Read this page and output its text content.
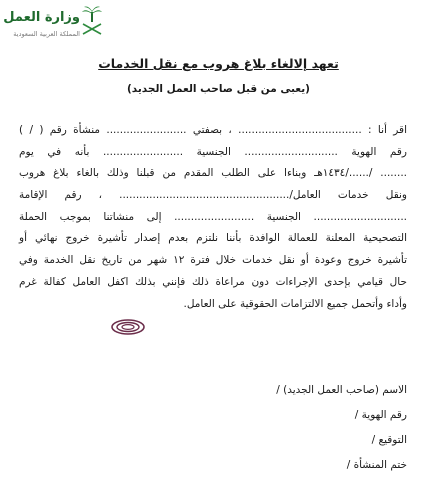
وزارة العمل
المملكة العربية السعودية
تعهد إلالغاء بلاغ هروب مع نقل الخدمات
(يعبى من قبل صاحب العمل الجديد)
اقر أنا : ..................................... ، بصفتي ........................ منشأة رقم ( / )
رقم الهوية ............................ الجنسية ........................ بأنه في يوم
........ /....../١٤٣٤هـ وبناءا على الطلب المقدم من قبلنا وذلك بالغاء بلاغ هروب
ونقل خدمات العامل/................................................... ، رقم الإقامة
............................ الجنسية ........................ إلى منشاتنا بموجب الحملة
التصحيحية المعلنة للعمالة الوافدة بأننا نلتزم بعدم إصدار تأشيرة خروج نهائي أو
تأشيرة خروج وعودة أو نقل خدمات خلال فترة ١٢ شهر من تاريخ نقل الخدمة وفي
حال قيامي بإحدى الإجراءات دون مراعاة ذلك فإنني بذلك اكفل العامل كفالة غرم
وأداء وأتحمل جميع الالتزامات الحقوقية على العامل.
الاسم (صاحب العمل الجديد) /
رقم الهوية /
التوقيع /
ختم المنشأة /
